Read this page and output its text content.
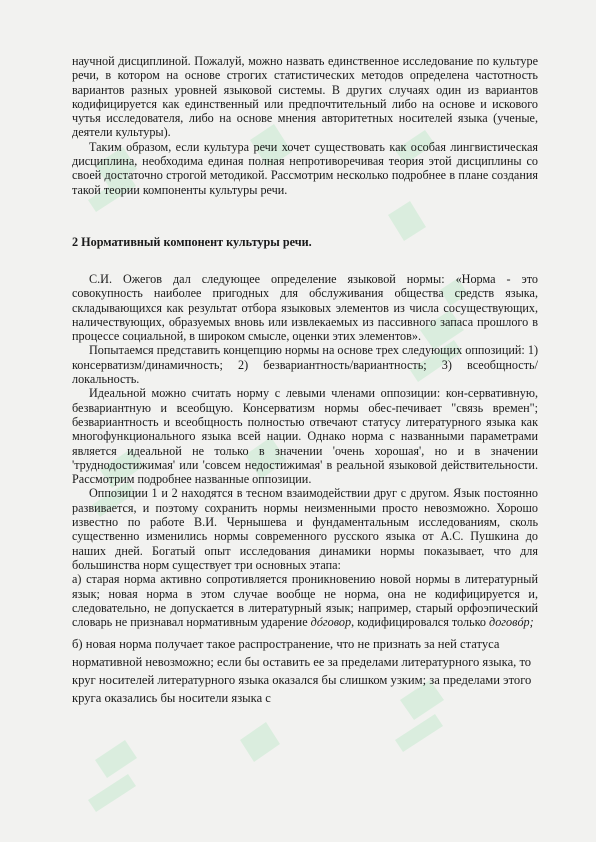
научной дисциплиной. Пожалуй, можно назвать единственное исследование по культуре речи, в котором на основе строгих статистических методов определена частотность вариантов разных уровней языковой системы. В других случаях один из вариантов кодифицируется как единственный или предпочтительный либо на основе и искового чутья исследователя, либо на основе мнения авторитетных носителей языка (ученые, деятели культуры).

Таким образом, если культура речи хочет существовать как особая лингвистическая дисциплина, необходима единая полная непротиворечивая теория этой дисциплины со своей достаточно строгой методикой. Рассмотрим несколько подробнее в плане создания такой теории компоненты культуры речи.

2 Нормативный компонент культуры речи.

С.И. Ожегов дал следующее определение языковой нормы: «Норма - это совокупность наиболее пригодных для обслуживания общества средств языка, складывающихся как результат отбора языковых элементов из числа сосуществующих, наличествующих, образуемых вновь или извлекаемых из пассивного запаса прошлого в процессе социальной, в широком смысле, оценки этих элементов».

Попытаемся представить концепцию нормы на основе трех следующих оппозиций: 1) консерватизм/динамичность; 2) безвариантность/вариантность; 3) всеобщность/локальность.

Идеальной можно считать норму с левыми членами оппозиции: кон-сервативную, безвариантную и всеобщую. Консерватизм нормы обес-печивает "связь времен"; безвариантность и всеобщность полностью отвечают статусу литературного языка как многофункционального языка всей нации. Однако норма с названными параметрами является идеальной не только в значении 'очень хорошая', но и в значении 'труднодостижимая' или 'совсем недостижимая' в реальной языковой действительности. Рассмотрим подробнее названные оппозиции.

Оппозиции 1 и 2 находятся в тесном взаимодействии друг с другом. Язык постоянно развивается, и поэтому сохранить нормы неизменными просто невозможно. Хорошо известно по работе В.И. Чернышева и фундаментальным исследованиям, сколь существенно изменились нормы современного русского языка от А.С. Пушкина до наших дней. Богатый опыт исследования динамики нормы показывает, что для большинства норм существует три основных этапа:

а) старая норма активно сопротивляется проникновению новой нормы в литературный язык; новая норма в этом случае вообще не норма, она не кодифицируется и, следовательно, не допускается в литературный язык; например, старый орфоэпический словарь не признавал нормативным ударение дóговор, кодифицировался только договóр;

б) новая норма получает такое распространение, что не признать за ней статуса нормативной невозможно; если бы оставить ее за пределами литературного языка, то круг носителей литературного языка оказался бы слишком узким; за пределами этого круга оказались бы носители языка с
